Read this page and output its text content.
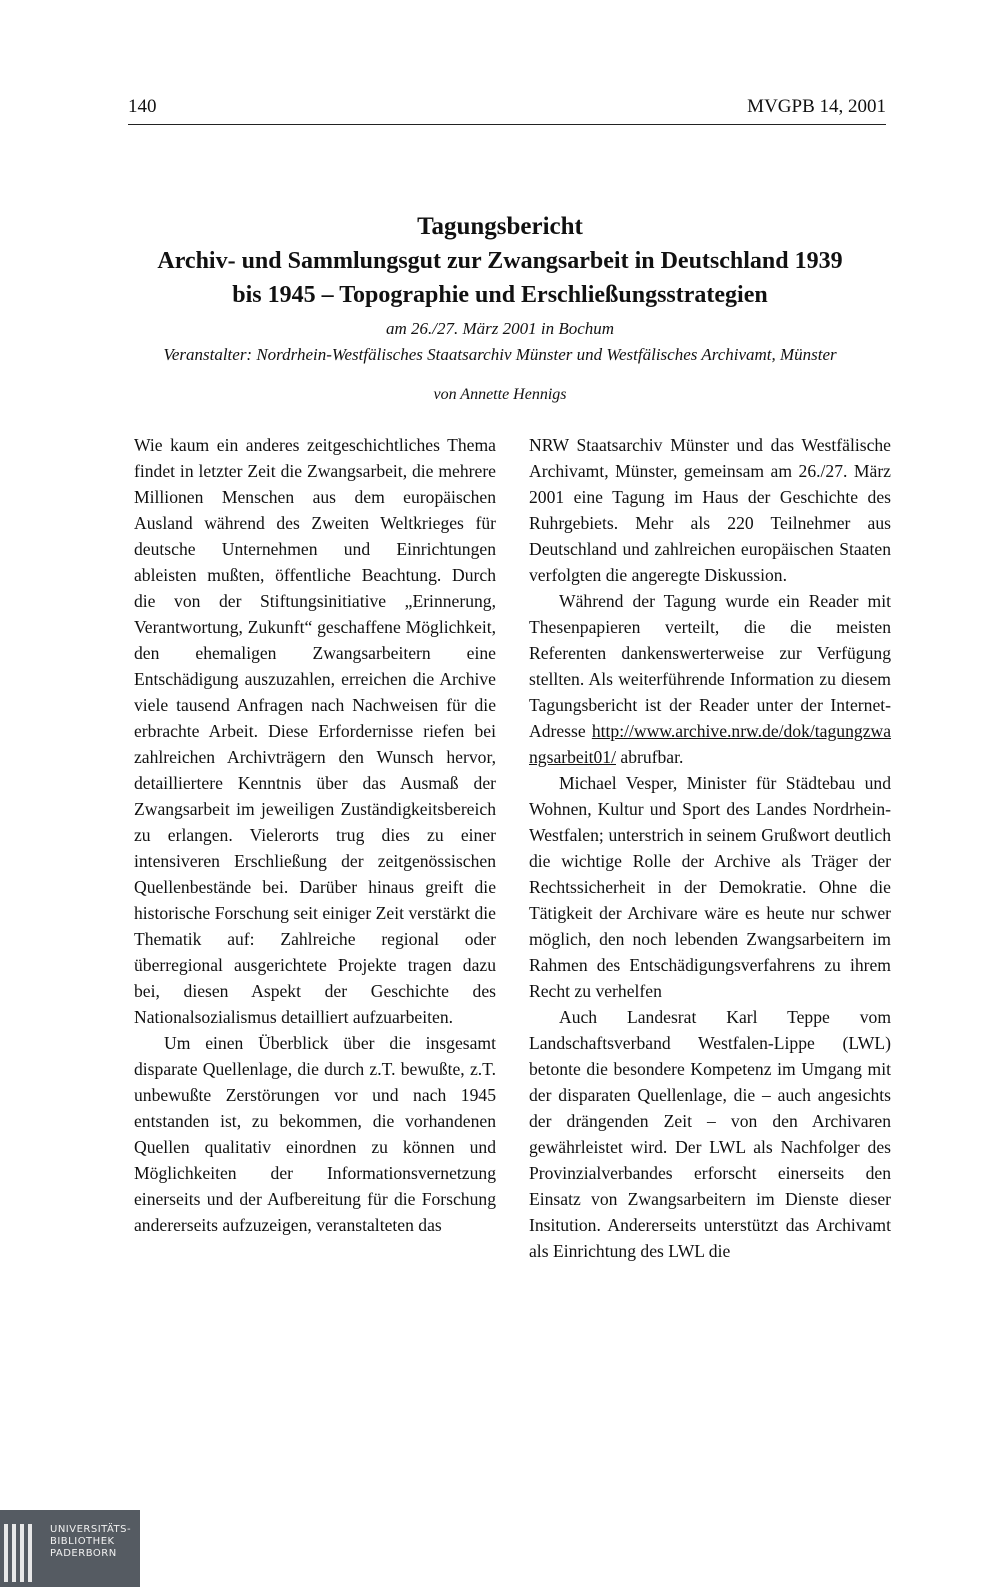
140	MVGPB 14, 2001
Tagungsbericht
Archiv- und Sammlungsgut zur Zwangsarbeit in Deutschland 1939
bis 1945 – Topographie und Erschließungsstrategien
am 26./27. März 2001 in Bochum
Veranstalter: Nordrhein-Westfälisches Staatsarchiv Münster und Westfälisches Archivamt, Münster
von Annette Hennigs

Wie kaum ein anderes zeitgeschichtliches Thema findet in letzter Zeit die Zwangsarbeit, die mehrere Millionen Menschen aus dem europäischen Ausland während des Zweiten Weltkrieges für deutsche Unternehmen und Einrichtungen ableisten mußten, öffentliche Beachtung. Durch die von der Stiftungsinitiative „Erinnerung, Verantwortung, Zukunft“ geschaffene Möglichkeit, den ehemaligen Zwangsarbeitern eine Entschädigung auszuzahlen, erreichen die Archive viele tausend Anfragen nach Nachweisen für die erbrachte Arbeit. Diese Erfordernisse riefen bei zahlreichen Archivträgern den Wunsch hervor, detailliertere Kenntnis über das Ausmaß der Zwangsarbeit im jeweiligen Zuständigkeitsbereich zu erlangen. Vielerorts trug dies zu einer intensiveren Erschließung der zeitgenössischen Quellenbestände bei. Darüber hinaus greift die historische Forschung seit einiger Zeit verstärkt die Thematik auf: Zahlreiche regional oder überregional ausgerichtete Projekte tragen dazu bei, diesen Aspekt der Geschichte des Nationalsozialismus detailliert aufzuarbeiten.

Um einen Überblick über die insgesamt disparate Quellenlage, die durch z.T. bewußte, z.T. unbewußte Zerstörungen vor und nach 1945 entstanden ist, zu bekommen, die vorhandenen Quellen qualitativ einordnen zu können und Möglichkeiten der Informationsvernetzung einerseits und der Aufbereitung für die Forschung andererseits aufzuzeigen, veranstalteten das

NRW Staatsarchiv Münster und das Westfälische Archivamt, Münster, gemeinsam am 26./27. März 2001 eine Tagung im Haus der Geschichte des Ruhrgebiets. Mehr als 220 Teilnehmer aus Deutschland und zahlreichen europäischen Staaten verfolgten die angeregte Diskussion.

Während der Tagung wurde ein Reader mit Thesenpapieren verteilt, die die meisten Referenten dankenswerterweise zur Verfügung stellten. Als weiterführende Information zu diesem Tagungsbericht ist der Reader unter der Internet-Adresse http://www.archive.nrw.de/dok/tagungzwangsarbeit01/ abrufbar.

Michael Vesper, Minister für Städtebau und Wohnen, Kultur und Sport des Landes Nordrhein-Westfalen; unterstrich in seinem Grußwort deutlich die wichtige Rolle der Archive als Träger der Rechtssicherheit in der Demokratie. Ohne die Tätigkeit der Archivare wäre es heute nur schwer möglich, den noch lebenden Zwangsarbeitern im Rahmen des Entschädigungsverfahrens zu ihrem Recht zu verhelfen

Auch Landesrat Karl Teppe vom Landschaftsverband Westfalen-Lippe (LWL) betonte die besondere Kompetenz im Umgang mit der disparaten Quellenlage, die – auch angesichts der drängenden Zeit – von den Archivaren gewährleistet wird. Der LWL als Nachfolger des Provinzialverbandes erforscht einerseits den Einsatz von Zwangsarbeitern im Dienste dieser Insitution. Andererseits unterstützt das Archivamt als Einrichtung des LWL die

UNIVERSITÄTS-
BIBLIOTHEK
PADERBORN
